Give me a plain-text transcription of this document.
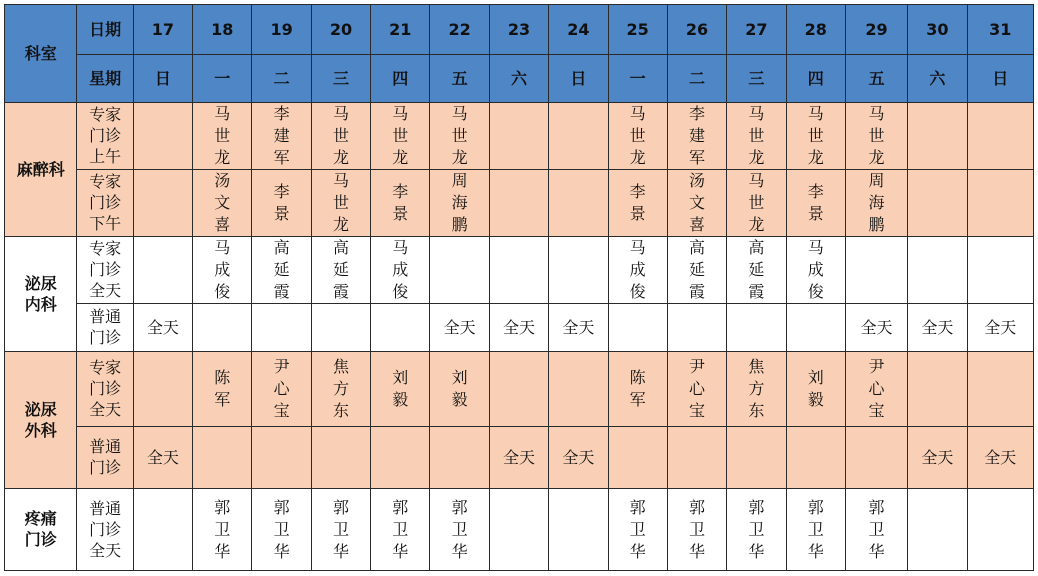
科室	日期	17	18	19	20	21	22	23	24	25	26	27	28	29	30	31
	星期	日	一	二	三	四	五	六	日	一	二	三	四	五	六	日
麻醉科	专家门诊上午		马世龙	李建军	马世龙	马世龙	马世龙			马世龙	李建军	马世龙	马世龙	马世龙		
	专家门诊下午		汤文喜	李景	马世龙	李景	周海鹏			李景	汤文喜	马世龙	李景	周海鹏		
泌尿内科	专家门诊全天		马成俊	高延霞	高延霞	马成俊				马成俊	高延霞	高延霞	马成俊			
	普通门诊	全天					全天	全天	全天					全天	全天	全天
泌尿外科	专家门诊全天		陈军	尹心宝	焦方东	刘毅	刘毅			陈军	尹心宝	焦方东	刘毅	尹心宝		
	普通门诊	全天						全天	全天						全天	全天
疼痛门诊	普通门诊全天		郭卫华	郭卫华	郭卫华	郭卫华	郭卫华			郭卫华	郭卫华	郭卫华	郭卫华	郭卫华		
